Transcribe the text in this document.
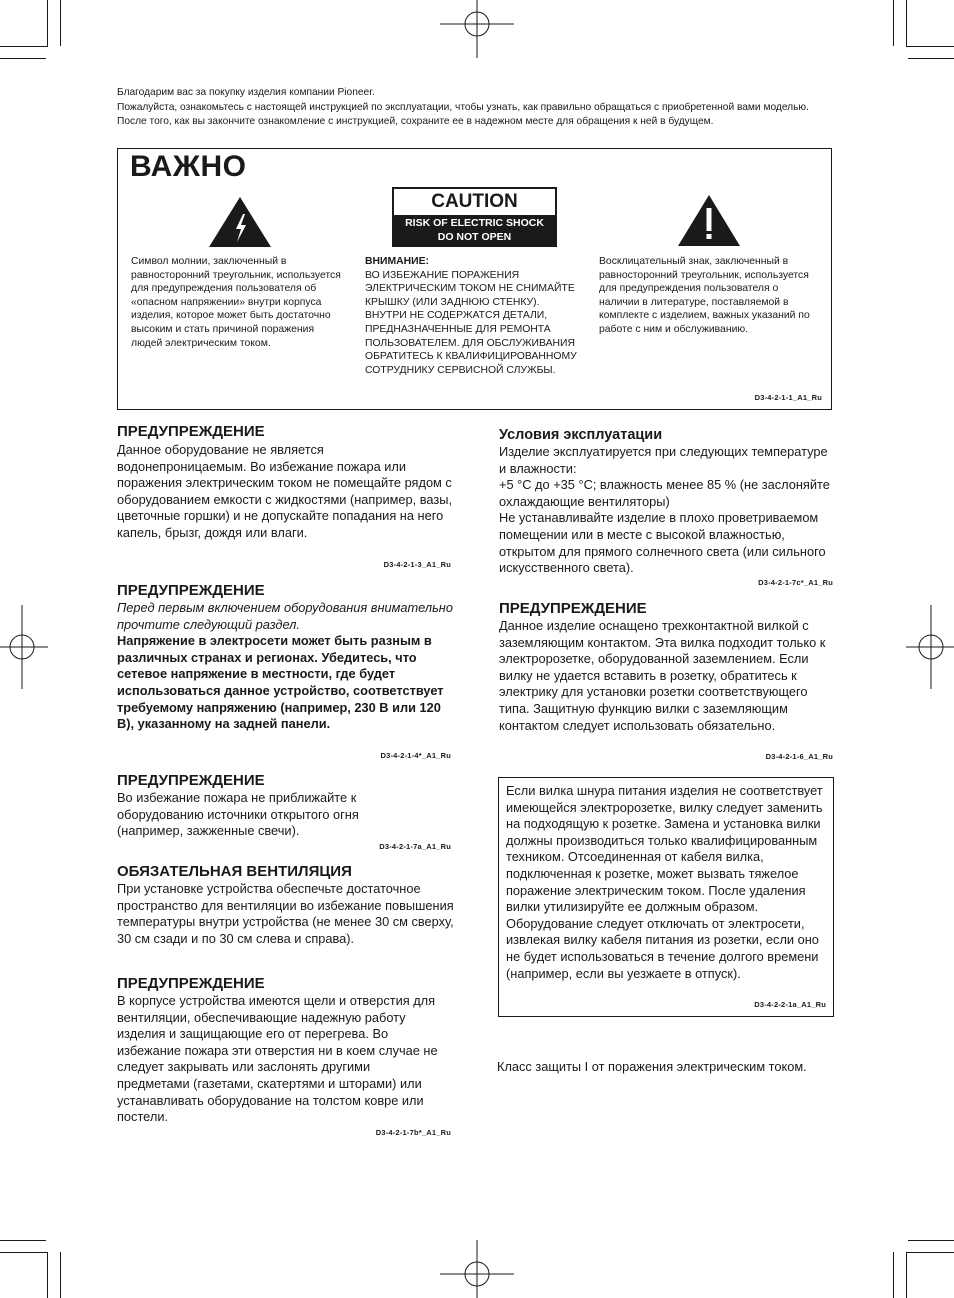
Благодарим вас за покупку изделия компании Pioneer.

Пожалуйста, ознакомьтесь с настоящей инструкцией по эксплуатации, чтобы узнать, как правильно обращаться с приобретенной вами моделью. После того, как вы закончите ознакомление с инструкцией, сохраните ее в надежном месте для обращения к ней в будущем.

ВАЖНО
CAUTION
RISK OF ELECTRIC SHOCK
DO NOT OPEN
Символ молнии, заключенный в равносторонний треугольник, используется для предупреждения пользователя об «опасном напряжении» внутри корпуса изделия, которое может быть достаточно высоким и стать причиной поражения людей электрическим током.
ВНИМАНИЕ:
ВО ИЗБЕЖАНИЕ ПОРАЖЕНИЯ ЭЛЕКТРИЧЕСКИМ ТОКОМ НЕ СНИМАЙТЕ КРЫШКУ (ИЛИ ЗАДНЮЮ СТЕНКУ). ВНУТРИ НЕ СОДЕРЖАТСЯ ДЕТАЛИ, ПРЕДНАЗНАЧЕННЫЕ ДЛЯ РЕМОНТА ПОЛЬЗОВАТЕЛЕМ. ДЛЯ ОБСЛУЖИВАНИЯ ОБРАТИТЕСЬ К КВАЛИФИЦИРОВАННОМУ СОТРУДНИКУ СЕРВИСНОЙ СЛУЖБЫ.
Восклицательный знак, заключенный в равносторонний треугольник, используется для предупреждения пользователя о наличии в литературе, поставляемой в комплекте с изделием, важных указаний по работе с ним и обслуживанию.
D3-4-2-1-1_A1_Ru
ПРЕДУПРЕЖДЕНИЕ
Данное оборудование не является водонепроницаемым. Во избежание пожара или поражения электрическим током не помещайте рядом с оборудованием емкости с жидкостями (например, вазы, цветочные горшки) и не допускайте попадания на него капель, брызг, дождя или влаги.
D3-4-2-1-3_A1_Ru
ПРЕДУПРЕЖДЕНИЕ

Перед первым включением оборудования внимательно прочтите следующий раздел.

Напряжение в электросети может быть разным в различных странах и регионах. Убедитесь, что сетевое напряжение в местности, где будет использоваться данное устройство, соответствует требуемому напряжению (например, 230 В или 120 В), указанному на задней панели.

D3-4-2-1-4*_A1_Ru
ПРЕДУПРЕЖДЕНИЕ
Во избежание пожара не приближайте к оборудованию источники открытого огня (например, зажженные свечи).
D3-4-2-1-7a_A1_Ru
ОБЯЗАТЕЛЬНАЯ ВЕНТИЛЯЦИЯ
При установке устройства обеспечьте достаточное пространство для вентиляции во избежание повышения температуры внутри устройства (не менее 30 см сверху, 30 см сзади и по 30 см слева и справа).
ПРЕДУПРЕЖДЕНИЕ
В корпусе устройства имеются щели и отверстия для вентиляции, обеспечивающие надежную работу изделия и защищающие его от перегрева. Во избежание пожара эти отверстия ни в коем случае не следует закрывать или заслонять другими предметами (газетами, скатертями и шторами) или устанавливать оборудование на толстом ковре или постели.
D3-4-2-1-7b*_A1_Ru
Условия эксплуатации

Изделие эксплуатируется при следующих температуре и влажности:

+5 °C до +35 °C; влажность менее 85 % (не заслоняйте охлаждающие вентиляторы)

Не устанавливайте изделие в плохо проветриваемом помещении или в месте с высокой влажностью, открытом для прямого солнечного света (или сильного искусственного света).

D3-4-2-1-7c*_A1_Ru
ПРЕДУПРЕЖДЕНИЕ
Данное изделие оснащено трехконтактной вилкой с заземляющим контактом. Эта вилка подходит только к электророзетке, оборудованной заземлением. Если вилку не удается вставить в розетку, обратитесь к электрику для установки розетки соответствующего типа. Защитную функцию вилки с заземляющим контактом следует использовать обязательно.
D3-4-2-1-6_A1_Ru
Если вилка шнура питания изделия не соответствует имеющейся электророзетке, вилку следует заменить на подходящую к розетке. Замена и установка вилки должны производиться только квалифицированным техником. Отсоединенная от кабеля вилка, подключенная к розетке, может вызвать тяжелое поражение электрическим током. После удаления вилки утилизируйте ее должным образом. Оборудование следует отключать от электросети, извлекая вилку кабеля питания из розетки, если оно не будет использоваться в течение долгого времени (например, если вы уезжаете в отпуск).
D3-4-2-2-1a_A1_Ru
Класс защиты I от поражения электрическим током.
